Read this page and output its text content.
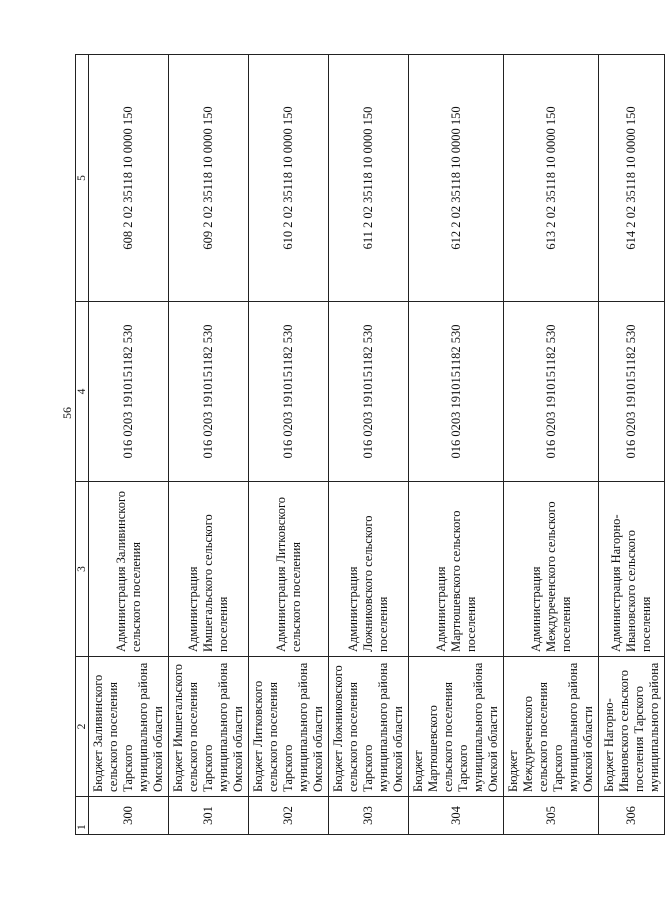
56
1	2	3	4	5
300	Бюджет Заливинского сельского поселения Тарского муниципального района Омской области	Администрация Заливинского сельского поселения	016 0203 1910151182 530	608 2 02 35118 10 0000 150
301	Бюджет Имшегальского сельского поселения Тарского муниципального района Омской области	Администрация Имшегальского сельского поселения	016 0203 1910151182 530	609 2 02 35118 10 0000 150
302	Бюджет Литковского сельского поселения Тарского муниципального района Омской области	Администрация Литковского сельского поселения	016 0203 1910151182 530	610 2 02 35118 10 0000 150
303	Бюджет Ложниковского сельского поселения Тарского муниципального района Омской области	Администрация Ложниковского сельского поселения	016 0203 1910151182 530	611 2 02 35118 10 0000 150
304	Бюджет Мартюшевского сельского поселения Тарского муниципального района Омской области	Администрация Мартюшевского сельского поселения	016 0203 1910151182 530	612 2 02 35118 10 0000 150
305	Бюджет Междуреченского сельского поселения Тарского муниципального района Омской области	Администрация Междуреченского сельского поселения	016 0203 1910151182 530	613 2 02 35118 10 0000 150
306	Бюджет Нагорно-Ивановского сельского поселения Тарского муниципального района	Администрация Нагорно-Ивановского сельского поселения	016 0203 1910151182 530	614 2 02 35118 10 0000 150
